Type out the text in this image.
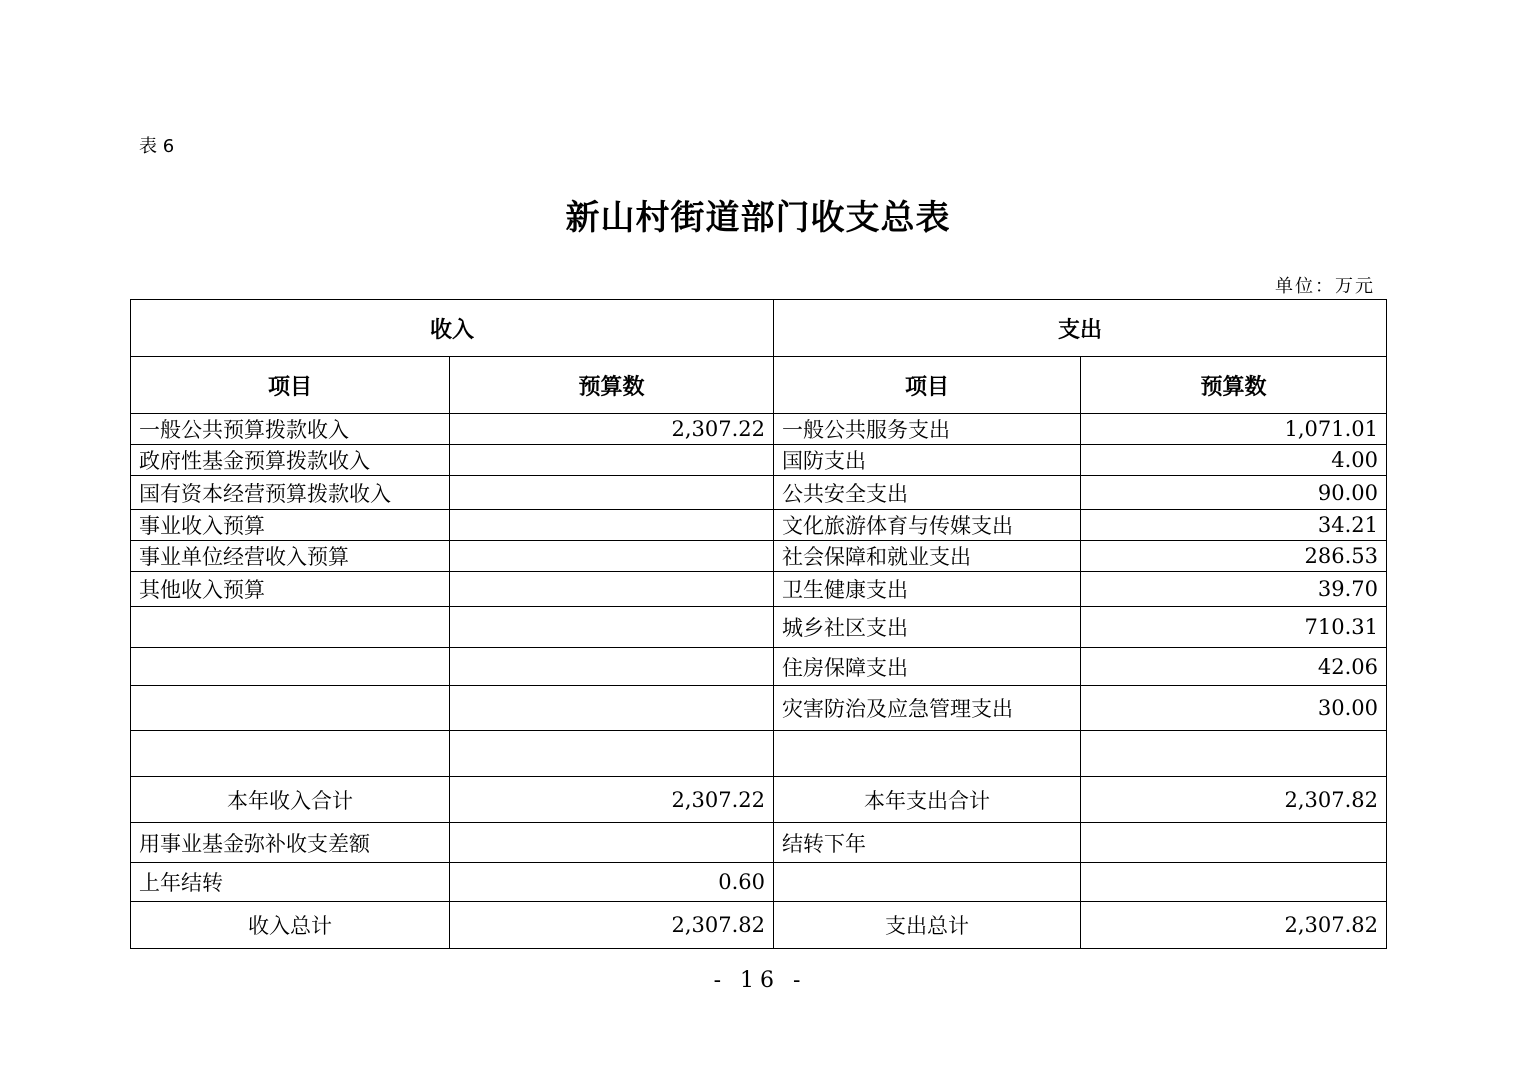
表 6
新山村街道部门收支总表
单位：万元
收入		支出	
项目	预算数	项目	预算数
一般公共预算拨款收入	2,307.22	一般公共服务支出	1,071.01
政府性基金预算拨款收入		国防支出	4.00
国有资本经营预算拨款收入		公共安全支出	90.00
事业收入预算		文化旅游体育与传媒支出	34.21
事业单位经营收入预算		社会保障和就业支出	286.53
其他收入预算		卫生健康支出	39.70
		城乡社区支出	710.31
		住房保障支出	42.06
		灾害防治及应急管理支出	30.00

本年收入合计	2,307.22	本年支出合计	2,307.82
用事业基金弥补收支差额		结转下年	
上年结转	0.60		
收入总计	2,307.82	支出总计	2,307.82
- 16 -
